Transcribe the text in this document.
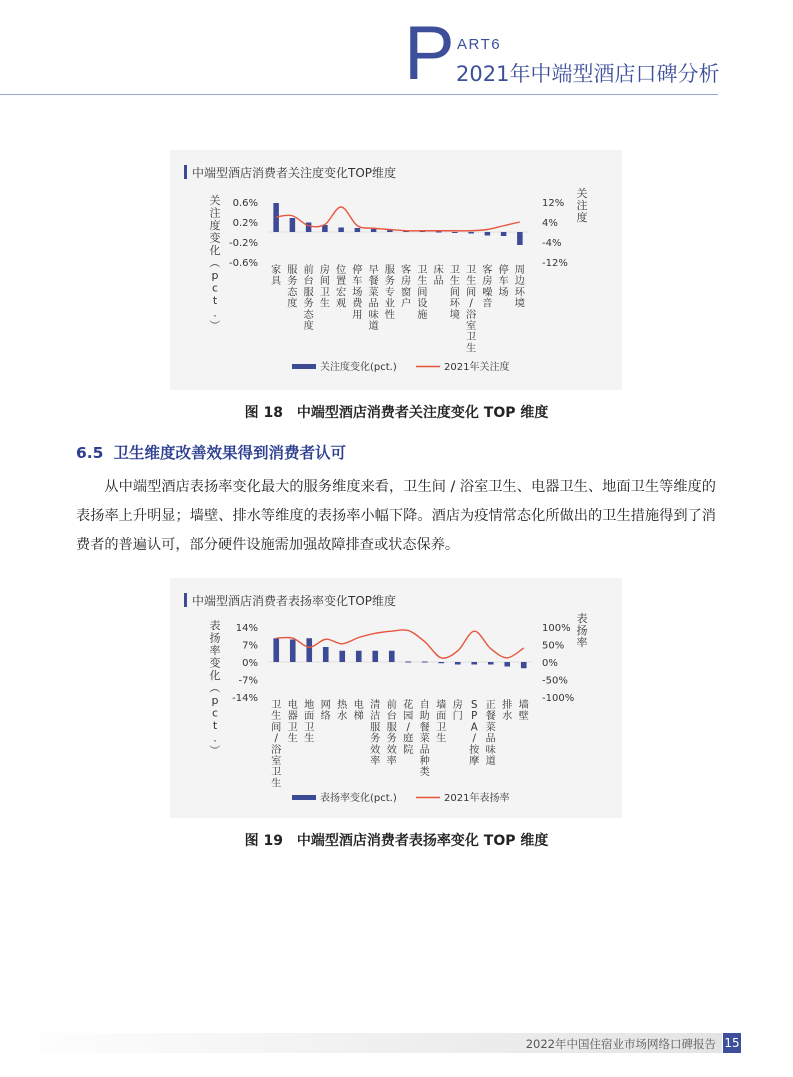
P ART6
2021年中端型酒店口碑分析
中端型酒店消费者关注度变化TOP维度
0.6%
0.2%
-0.2%
-0.6%
12%
4%
-4%
-12%
关
注
度
变
化
（
p
c
t
.
）
关
注
度
家
具
服
务
态
度
前
台
服
务
态
度
房
间
卫
生
位
置
宏
观
停
车
场
费
用
早
餐
菜
品
味
道
服
务
专
业
性
客
房
窗
户
卫
生
间
设
施
床
品
卫
生
间
环
境
卫
生
间
/
浴
室
卫
生
客
房
噪
音
停
车
场
周
边
环
境
关注度变化(pct.)	2021年关注度
图 18　中端型酒店消费者关注度变化 TOP 维度
6.5 卫生维度改善效果得到消费者认可
从中端型酒店表扬率变化最大的服务维度来看，卫生间 / 浴室卫生、电器卫生、地面卫生等维度的表扬率上升明显；墙壁、排水等维度的表扬率小幅下降。酒店为疫情常态化所做出的卫生措施得到了消费者的普遍认可，部分硬件设施需加强故障排查或状态保养。
中端型酒店消费者表扬率变化TOP维度
14%
7%
0%
-7%
-14%
100%
50%
0%
-50%
-100%
表
扬
率
变
化
（
p
c
t
.
）
表
扬
率
卫
生
间
/
浴
室
卫
生
电
器
卫
生
地
面
卫
生
网
络
热
水
电
梯
清
洁
服
务
效
率
前
台
服
务
效
率
花
园
/
庭
院
自
助
餐
菜
品
种
类
墙
面
卫
生
房
门
S
P
A
/
按
摩
正
餐
菜
品
味
道
排
水
墙
壁
表扬率变化(pct.)	2021年表扬率
图 19　中端型酒店消费者表扬率变化 TOP 维度
2022年中国住宿业市场网络口碑报告 15
